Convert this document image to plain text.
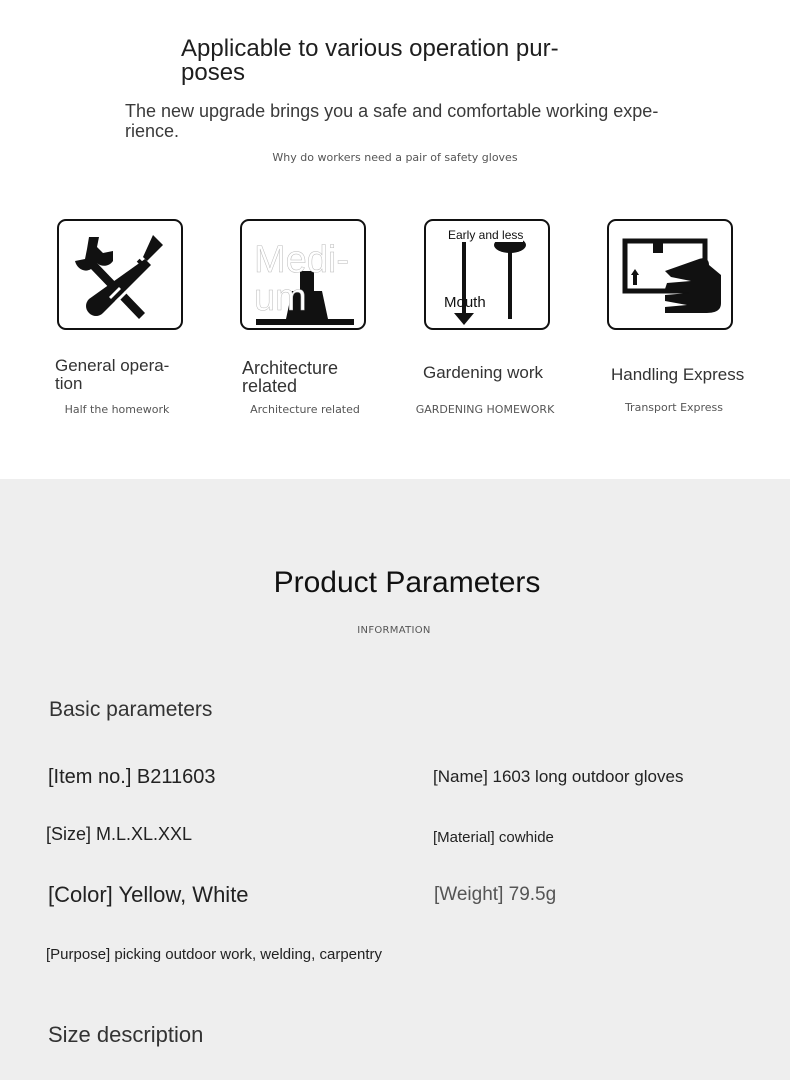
Applicable to various operation pur-
poses
The new upgrade brings you a safe and comfortable working expe-
rience.
Why do workers need a pair of safety gloves
Medi-
um
Early and less
Mouth
General opera-
tion
Half the homework
Architecture
related
Architecture related
Gardening work
GARDENING HOMEWORK
Handling Express
Transport Express
Product Parameters
INFORMATION
Basic parameters
[Item no.] B211603	[Name] 1603 long outdoor gloves
[Size] M.L.XL.XXL	[Material] cowhide
[Color] Yellow, White	[Weight] 79.5g
[Purpose] picking outdoor work, welding, carpentry
Size description
